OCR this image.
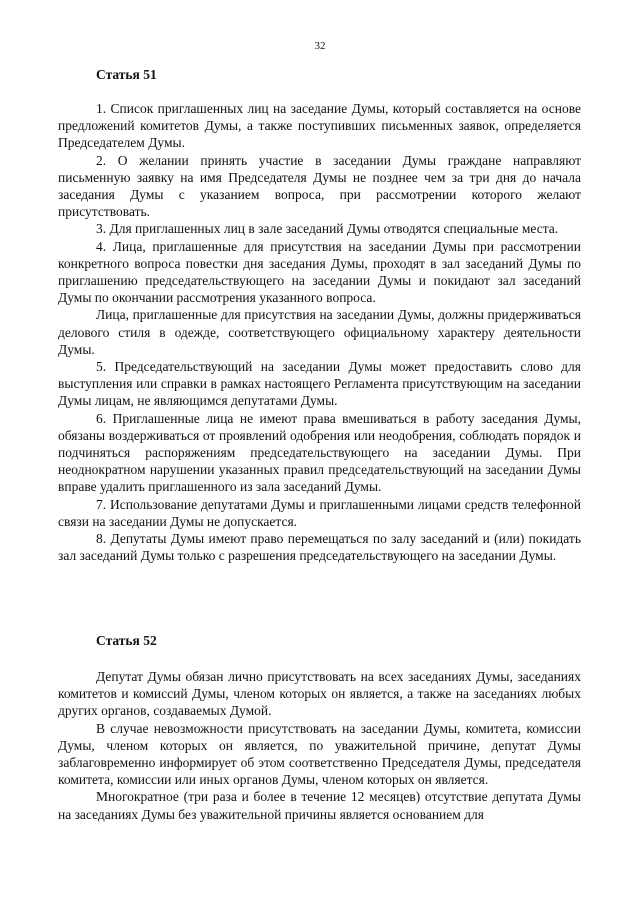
32
Статья 51

1. Список приглашенных лиц на заседание Думы, который составляется на основе предложений комитетов Думы, а также поступивших письменных заявок, определяется Председателем Думы.

2. О желании принять участие в заседании Думы граждане направляют письменную заявку на имя Председателя Думы не позднее чем за три дня до начала заседания Думы с указанием вопроса, при рассмотрении которого желают присутствовать.

3. Для приглашенных лиц в зале заседаний Думы отводятся специальные места.

4. Лица, приглашенные для присутствия на заседании Думы при рассмотрении конкретного вопроса повестки дня заседания Думы, проходят в зал заседаний Думы по приглашению председательствующего на заседании Думы и покидают зал заседаний Думы по окончании рассмотрения указанного вопроса.

Лица, приглашенные для присутствия на заседании Думы, должны придерживаться делового стиля в одежде, соответствующего официальному характеру деятельности Думы.

5. Председательствующий на заседании Думы может предоставить слово для выступления или справки в рамках настоящего Регламента присутствующим на заседании Думы лицам, не являющимся депутатами Думы.

6. Приглашенные лица не имеют права вмешиваться в работу заседания Думы, обязаны воздерживаться от проявлений одобрения или неодобрения, соблюдать порядок и подчиняться распоряжениям председательствующего на заседании Думы. При неоднократном нарушении указанных правил председательствующий на заседании Думы вправе удалить приглашенного из зала заседаний Думы.

7. Использование депутатами Думы и приглашенными лицами средств телефонной связи на заседании Думы не допускается.

8. Депутаты Думы имеют право перемещаться по залу заседаний и (или) покидать зал заседаний Думы только с разрешения председательствующего на заседании Думы.

Статья 52

Депутат Думы обязан лично присутствовать на всех заседаниях Думы, заседаниях комитетов и комиссий Думы, членом которых он является, а также на заседаниях любых других органов, создаваемых Думой.

В случае невозможности присутствовать на заседании Думы, комитета, комиссии Думы, членом которых он является, по уважительной причине, депутат Думы заблаговременно информирует об этом соответственно Председателя Думы, председателя комитета, комиссии или иных органов Думы, членом которых он является.

Многократное (три раза и более в течение 12 месяцев) отсутствие депутата Думы на заседаниях Думы без уважительной причины является основанием для
